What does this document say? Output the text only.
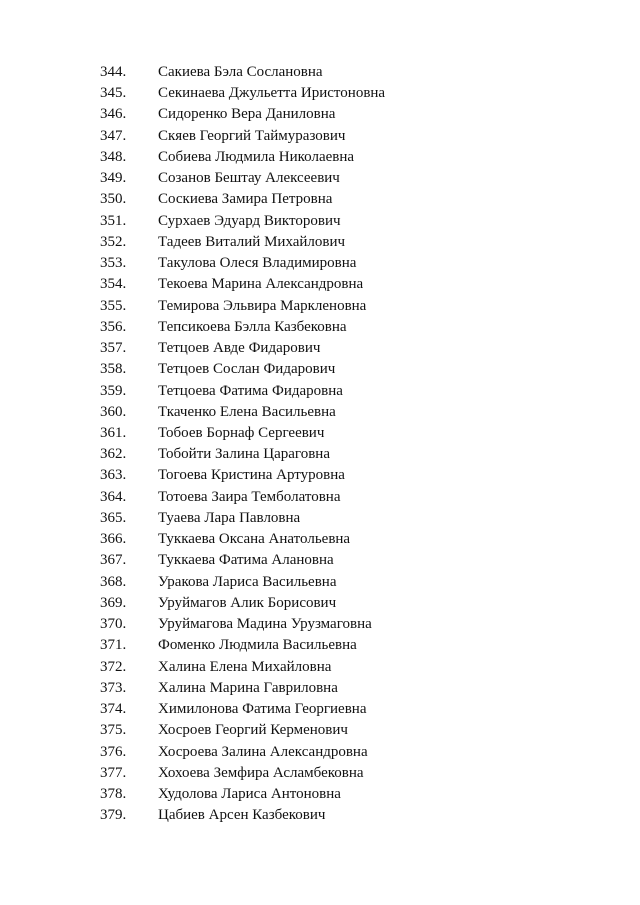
344.	Сакиева Бэла Сослановна
345.	Секинаева Джульетта Иристоновна
346.	Сидоренко Вера Даниловна
347.	Скяев Георгий Таймуразович
348.	Собиева Людмила Николаевна
349.	Созанов Бештау Алексеевич
350.	Соскиева Замира Петровна
351.	Сурхаев Эдуард Викторович
352.	Тадеев Виталий Михайлович
353.	Такулова Олеся Владимировна
354.	Текоева Марина Александровна
355.	Темирова Эльвира Маркленовна
356.	Тепсикоева Бэлла Казбековна
357.	Тетцоев Авде Фидарович
358.	Тетцоев Сослан Фидарович
359.	Тетцоева Фатима Фидаровна
360.	Ткаченко Елена Васильевна
361.	Тобоев Борнаф Сергеевич
362.	Тобойти Залина Цараговна
363.	Тогоева Кристина Артуровна
364.	Тотоева Заира Темболатовна
365.	Туаева Лара Павловна
366.	Туккаева Оксана Анатольевна
367.	Туккаева Фатима Алановна
368.	Уракова Лариса Васильевна
369.	Уруймагов Алик Борисович
370.	Уруймагова Мадина Урузмаговна
371.	Фоменко Людмила Васильевна
372.	Халина Елена Михайловна
373.	Халина Марина Гавриловна
374.	Химилонова Фатима Георгиевна
375.	Хосроев Георгий Керменович
376.	Хосроева Залина Александровна
377.	Хохоева Земфира Асламбековна
378.	Худолова Лариса Антоновна
379.	Цабиев Арсен Казбекович
